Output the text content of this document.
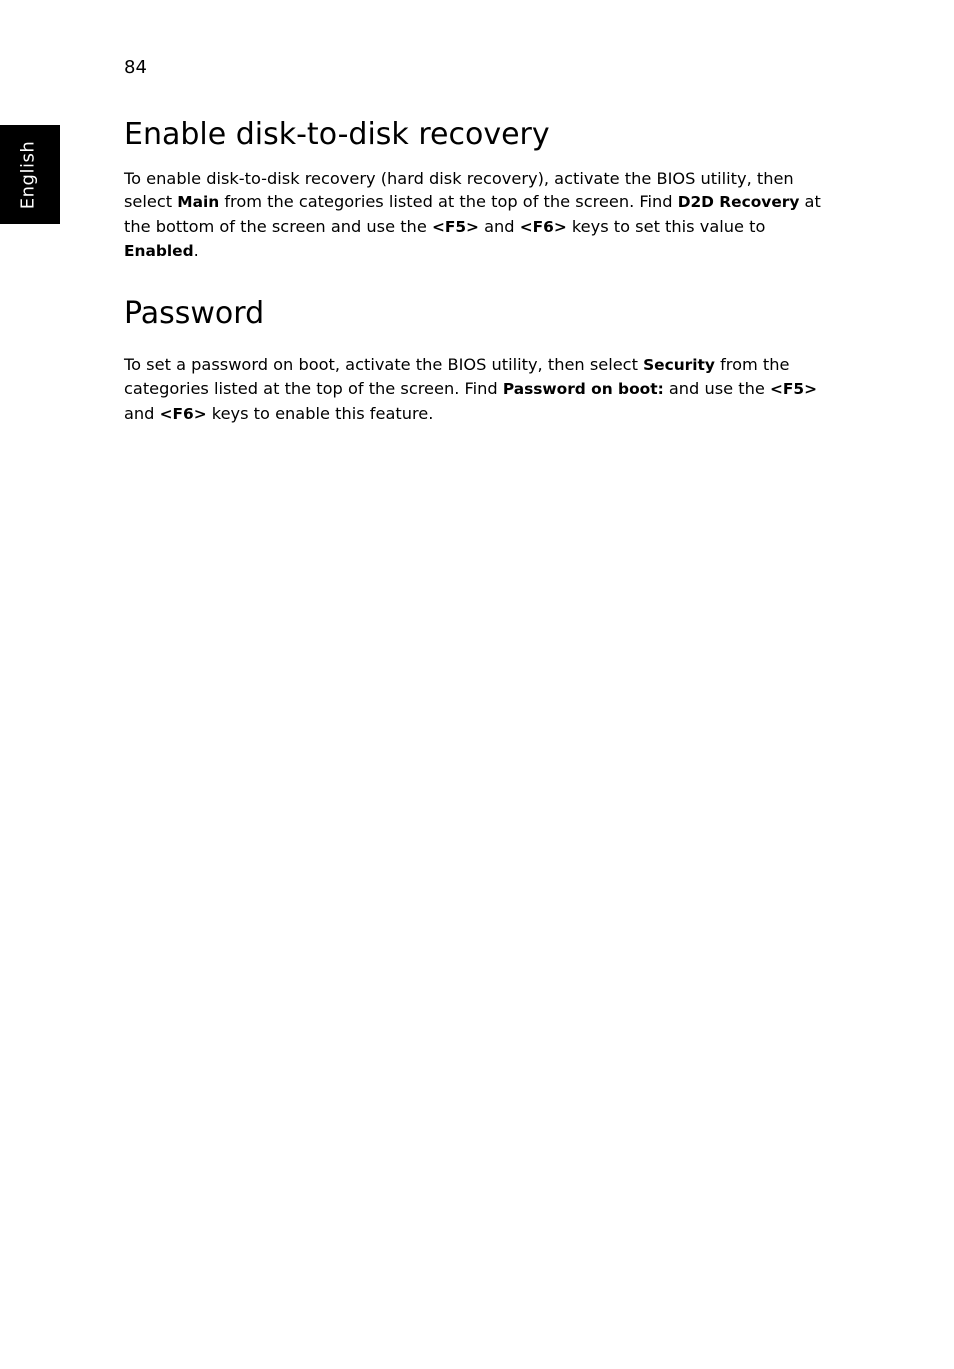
84
English
Enable disk-to-disk recovery

To enable disk-to-disk recovery (hard disk recovery), activate the BIOS utility, then select Main from the categories listed at the top of the screen. Find D2D Recovery at the bottom of the screen and use the <F5> and <F6> keys to set this value to Enabled.

Password

To set a password on boot, activate the BIOS utility, then select Security from the categories listed at the top of the screen. Find Password on boot: and use the <F5> and <F6> keys to enable this feature.
